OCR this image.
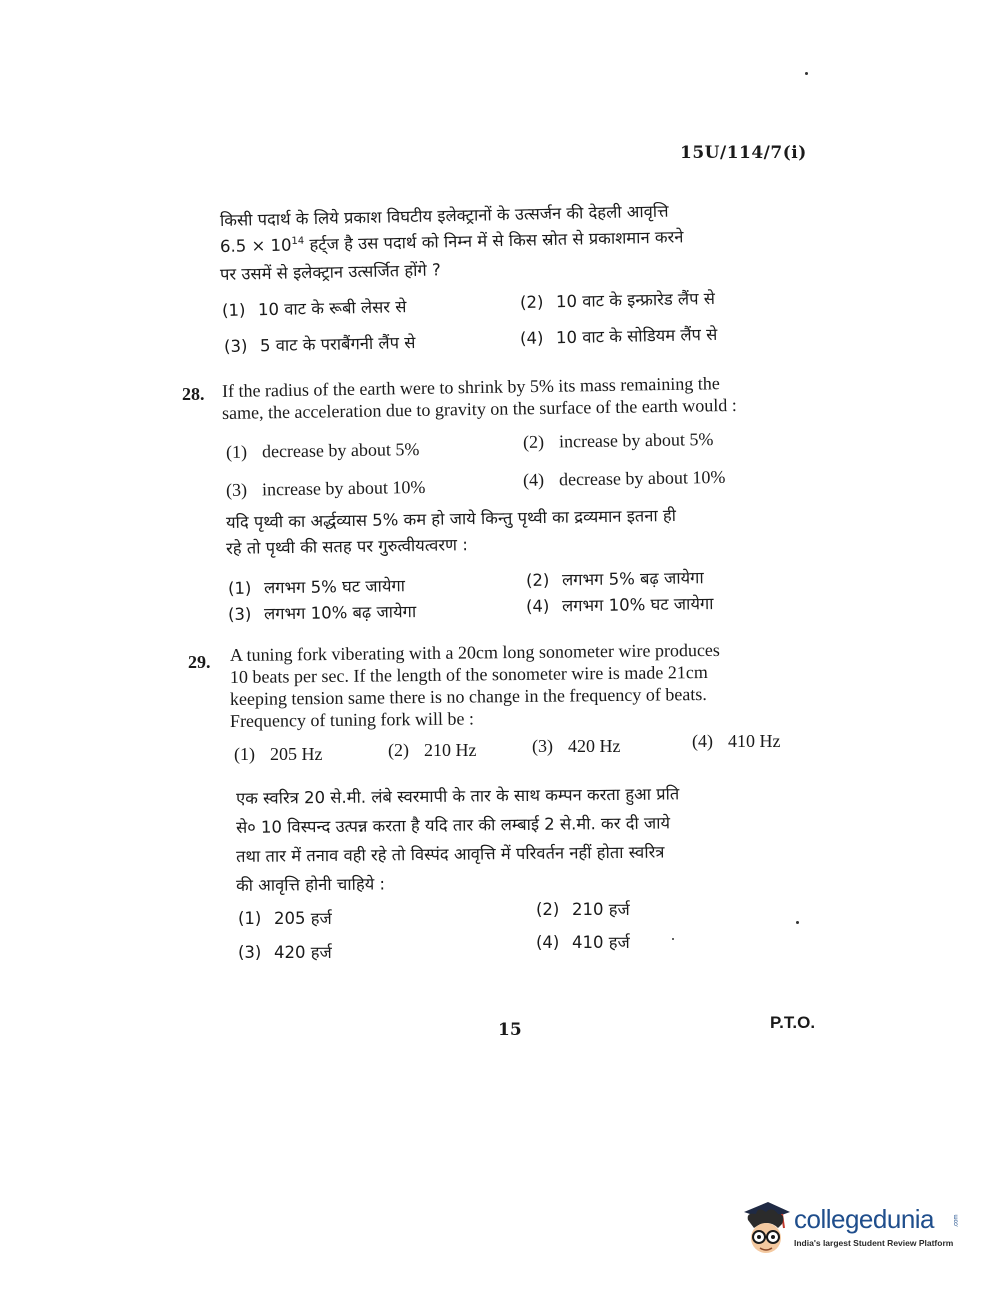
15U/114/7(i)
किसी पदार्थ के लिये प्रकाश विघटीय इलेक्ट्रानों के उत्सर्जन की देहली आवृत्ति
$6.5 \times 10^{14}$ हर्ट्ज है उस पदार्थ को निम्न में से किस स्रोत से प्रकाशमान करने
पर उसमें से इलेक्ट्रान उत्सर्जित होंगे ?
(1) 10 वाट के रूबी लेसर से	(2) 10 वाट के इन्फ्रारेड लैंप से
(3) 5 वाट के पराबैंगनी लैंप से	(4) 10 वाट के सोडियम लैंप से
28. If the radius of the earth were to shrink by 5% its mass remaining the
same, the acceleration due to gravity on the surface of the earth would :
(1) decrease by about 5%	(2) increase by about 5%
(3) increase by about 10%	(4) decrease by about 10%
यदि पृथ्वी का अर्द्धव्यास 5% कम हो जाये किन्तु पृथ्वी का द्रव्यमान इतना ही
रहे तो पृथ्वी की सतह पर गुरुत्वीयत्वरण :
(1) लगभग 5% घट जायेगा	(2) लगभग 5% बढ़ जायेगा
(3) लगभग 10% बढ़ जायेगा	(4) लगभग 10% घट जायेगा
29. A tuning fork viberating with a 20cm long sonometer wire produces
10 beats per sec. If the length of the sonometer wire is made 21cm
keeping tension same there is no change in the frequency of beats.
Frequency of tuning fork will be :
(1) 205 Hz	(2) 210 Hz	(3) 420 Hz	(4) 410 Hz
एक स्वरित्र 20 से.मी. लंबे स्वरमापी के तार के साथ कम्पन करता हुआ प्रति
से० 10 विस्पन्द उत्पन्न करता है यदि तार की लम्बाई 2 से.मी. कर दी जाये
तथा तार में तनाव वही रहे तो विस्पंद आवृत्ति में परिवर्तन नहीं होता स्वरित्र
की आवृत्ति होनी चाहिये :
(1) 205 हर्ज	(2) 210 हर्ज
(3) 420 हर्ज
(4) 410 हर्ज
15	P.T.O.
collegedunia	.com
India's largest Student Review Platform
